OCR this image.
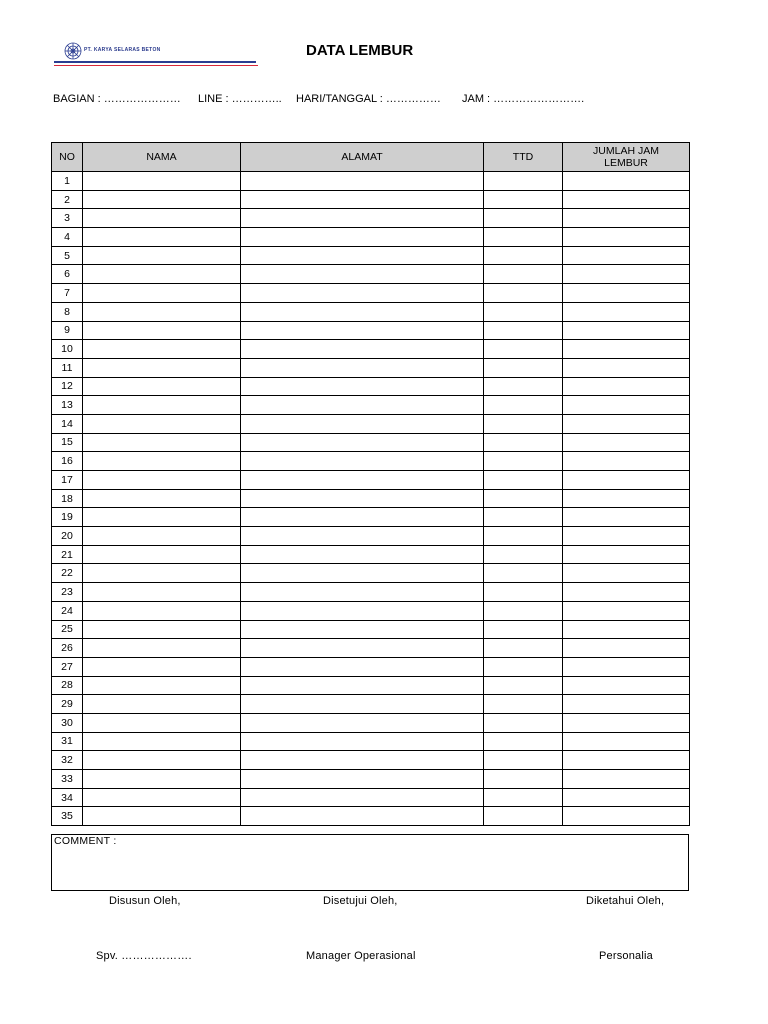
PT. KARYA SELARAS BETON	DATA LEMBUR
BAGIAN : ………………… LINE : ………….. HARI/TANGGAL : …………… JAM : …………………….
NO	NAMA	ALAMAT	TTD	JUMLAH JAM LEMBUR
1				
2				
3				
4				
5				
6				
7				
8				
9				
10				
11				
12				
13				
14				
15				
16				
17				
18				
19				
20				
21				
22				
23				
24				
25				
26				
27				
28				
29				
30				
31				
32				
33				
34				
35				
COMMENT :
Disusun Oleh,	Disetujui Oleh,	Diketahui Oleh,
Spv. ……………….	Manager Operasional	Personalia
